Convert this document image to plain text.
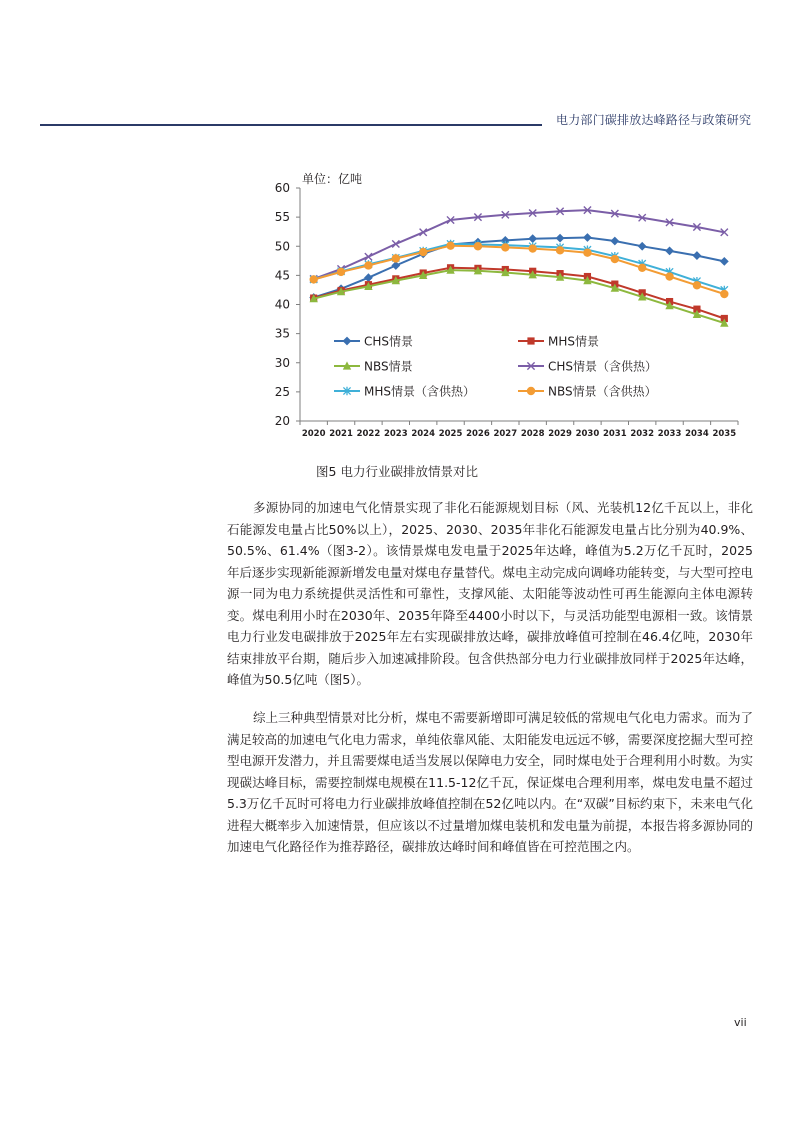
电力部门碳排放达峰路径与政策研究
单位：亿吨
20
25
30
35
40
45
50
55
60
2020 2021 2022 2023 2024 2025 2026 2027 2028 2029 2030 2031 2032 2033 2034 2035
CHS情景	MHS情景
NBS情景	CHS情景（含供热）
MHS情景（含供热）	NBS情景（含供热）
图5 电力行业碳排放情景对比

多源协同的加速电气化情景实现了非化石能源规划目标（风、光装机12亿千瓦以上，非化石能源发电量占比50%以上），2025、2030、2035年非化石能源发电量占比分别为40.9%、50.5%、61.4%（图3-2）。该情景煤电发电量于2025年达峰，峰值为5.2万亿千瓦时，2025年后逐步实现新能源新增发电量对煤电存量替代。煤电主动完成向调峰功能转变，与大型可控电源一同为电力系统提供灵活性和可靠性，支撑风能、太阳能等波动性可再生能源向主体电源转变。煤电利用小时在2030年、2035年降至4400小时以下，与灵活功能型电源相一致。该情景电力行业发电碳排放于2025年左右实现碳排放达峰，碳排放峰值可控制在46.4亿吨，2030年结束排放平台期，随后步入加速减排阶段。包含供热部分电力行业碳排放同样于2025年达峰，峰值为50.5亿吨（图5）。

综上三种典型情景对比分析，煤电不需要新增即可满足较低的常规电气化电力需求。而为了满足较高的加速电气化电力需求，单纯依靠风能、太阳能发电远远不够，需要深度挖掘大型可控型电源开发潜力，并且需要煤电适当发展以保障电力安全，同时煤电处于合理利用小时数。为实现碳达峰目标，需要控制煤电规模在11.5-12亿千瓦，保证煤电合理利用率，煤电发电量不超过5.3万亿千瓦时可将电力行业碳排放峰值控制在52亿吨以内。在“双碳”目标约束下，未来电气化进程大概率步入加速情景，但应该以不过量增加煤电装机和发电量为前提，本报告将多源协同的加速电气化路径作为推荐路径，碳排放达峰时间和峰值皆在可控范围之内。

vii
